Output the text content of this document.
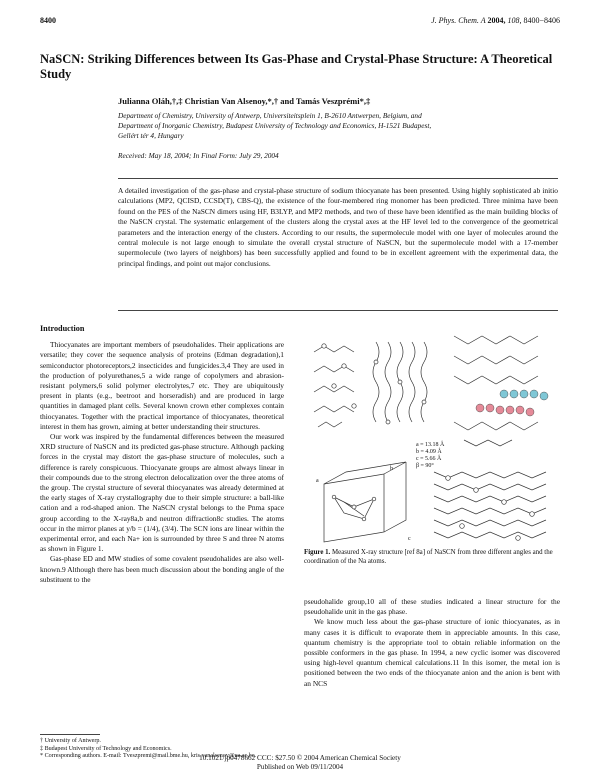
8400	J. Phys. Chem. A 2004, 108, 8400−8406
NaSCN: Striking Differences between Its Gas-Phase and Crystal-Phase Structure: A Theoretical Study
Julianna Oláh,†,‡ Christian Van Alsenoy,*,† and Tamás Veszprémi*,‡
Department of Chemistry, University of Antwerp, Universiteitsplein 1, B-2610 Antwerpen, Belgium, and
Department of Inorganic Chemistry, Budapest University of Technology and Economics, H-1521 Budapest,
Gellért tér 4, Hungary
Received: May 18, 2004; In Final Form: July 29, 2004
A detailed investigation of the gas-phase and crystal-phase structure of sodium thiocyanate has been presented. Using highly sophisticated ab initio calculations (MP2, QCISD, CCSD(T), CBS-Q), the existence of the four-membered ring monomer has been predicted. Three minima have been found on the PES of the NaSCN dimers using HF, B3LYP, and MP2 methods, and two of these have been identified as the main building blocks of the NaSCN crystal. The systematic enlargement of the clusters along the crystal axes at the HF level led to the convergence of the geometrical parameters and the interaction energy of the clusters. According to our results, the supermolecule model with one layer of molecules around the central molecule is not large enough to simulate the overall crystal structure of NaSCN, but the supermolecule model with a 17-member supermolecule (two layers of neighbors) has been successfully applied and found to be in excellent agreement with the experimental data, the principal findings, and point out major conclusions.
Introduction

Thiocyanates are important members of pseudohalides. Their applications are versatile; they cover the sequence analysis of proteins (Edman degradation),1 semiconductor photoreceptors,2 insecticides and fungicides.3,4 They are used in the production of polyurethanes,5 a wide range of copolymers and abrasion-resistant polymers,6 solid polymer electrolytes,7 etc. They are ubiquitously present in plants (e.g., beetroot and horseradish) and are produced in large quantities in damaged plant cells. Several known crown ether complexes contain thiocyanates. Together with the practical importance of thiocyanates, theoretical interest in them has grown, aiming at better understanding their structures.

Our work was inspired by the fundamental differences between the measured XRD structure of NaSCN and its predicted gas-phase structure. Although packing forces in the crystal may distort the gas-phase structure of molecules, such a difference is rarely conspicuous. Thiocyanate groups are almost always linear in their compounds due to the strong electron delocalization over the three atoms of the group. The crystal structure of several thiocyanates was already determined at the early stages of X-ray crystallography due to their simple structure: a ball-like cation and a rod-shaped anion. The NaSCN crystal belongs to the Pnma space group according to the X-ray8a,b and neutron diffraction8c studies. The atoms occur in the mirror planes at y/b = (1/4), (3/4). The SCN ions are linear within the experimental error, and each Na+ ion is surrounded by three S and three N atoms as shown in Figure 1.

Gas-phase ED and MW studies of some covalent pseudohalides are also well-known.9 Although there has been much discussion about the bonding angle of the substituent to the

a = 13.18 Å
b = 4.09 Å
c = 5.66 Å
β = 90°
a
b
c
Figure 1. Measured X-ray structure [ref 8a] of NaSCN from three different angles and the coordination of the Na atoms.

pseudohalide group,10 all of these studies indicated a linear structure for the pseudohalide unit in the gas phase.

We know much less about the gas-phase structure of ionic thiocyanates, as in many cases it is difficult to evaporate them in appreciable amounts. In this case, quantum chemistry is the appropriate tool to obtain reliable information on the possible conformers in the gas phase. In 1994, a new cyclic isomer was discovered using high-level quantum chemical calculations.11 In this isomer, the metal ion is positioned between the two ends of the thiocyanate anion and the anion is bent with an NCS

† University of Antwerp.
‡ Budapest University of Technology and Economics.
* Corresponding authors. E-mail: Tveszpremi@mail.bme.hu, kris.vanalsenoy@ua.ac.be.
10.1021/jp0478662 CCC: $27.50 © 2004 American Chemical Society
Published on Web 09/11/2004
